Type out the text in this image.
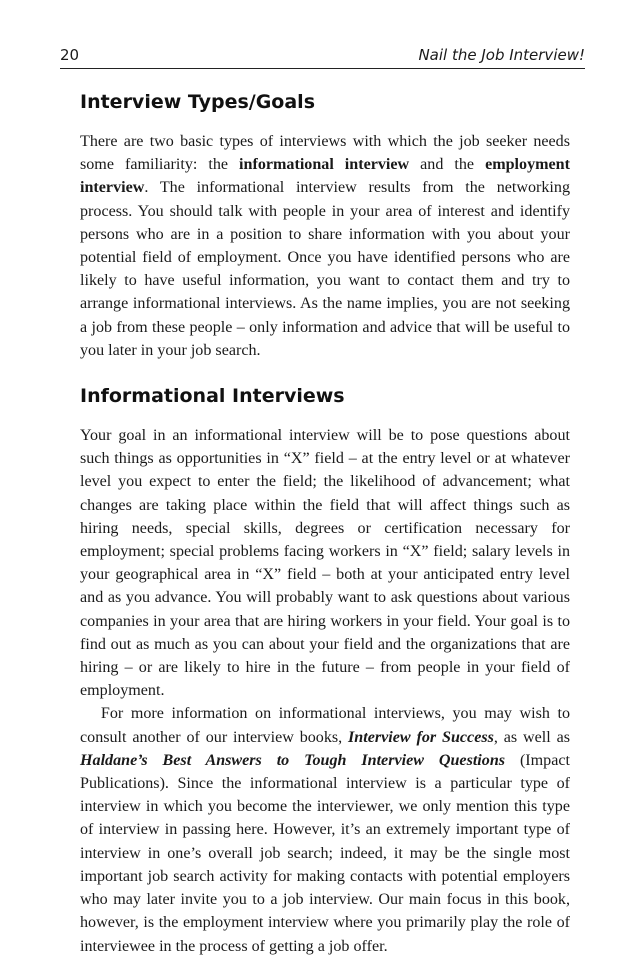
20	Nail the Job Interview!
Interview Types/Goals

There are two basic types of interviews with which the job seeker needs some familiarity: the informational interview and the employment interview. The informational interview results from the networking process. You should talk with people in your area of interest and identify persons who are in a position to share information with you about your potential field of employment. Once you have identified persons who are likely to have useful information, you want to contact them and try to arrange informational interviews. As the name implies, you are not seeking a job from these people – only information and advice that will be useful to you later in your job search.

Informational Interviews

Your goal in an informational interview will be to pose questions about such things as opportunities in “X” field – at the entry level or at whatever level you expect to enter the field; the likelihood of advancement; what changes are taking place within the field that will affect things such as hiring needs, special skills, degrees or certification necessary for employment; special problems facing workers in “X” field; salary levels in your geographical area in “X” field – both at your anticipated entry level and as you advance. You will probably want to ask questions about various companies in your area that are hiring workers in your field. Your goal is to find out as much as you can about your field and the organizations that are hiring – or are likely to hire in the future – from people in your field of employment.

For more information on informational interviews, you may wish to consult another of our interview books, Interview for Success, as well as Haldane’s Best Answers to Tough Interview Questions (Impact Publications). Since the informational interview is a particular type of interview in which you become the interviewer, we only mention this type of interview in passing here. However, it’s an extremely important type of interview in one’s overall job search; indeed, it may be the single most important job search activity for making contacts with potential employers who may later invite you to a job interview. Our main focus in this book, however, is the employment interview where you primarily play the role of interviewee in the process of getting a job offer.
